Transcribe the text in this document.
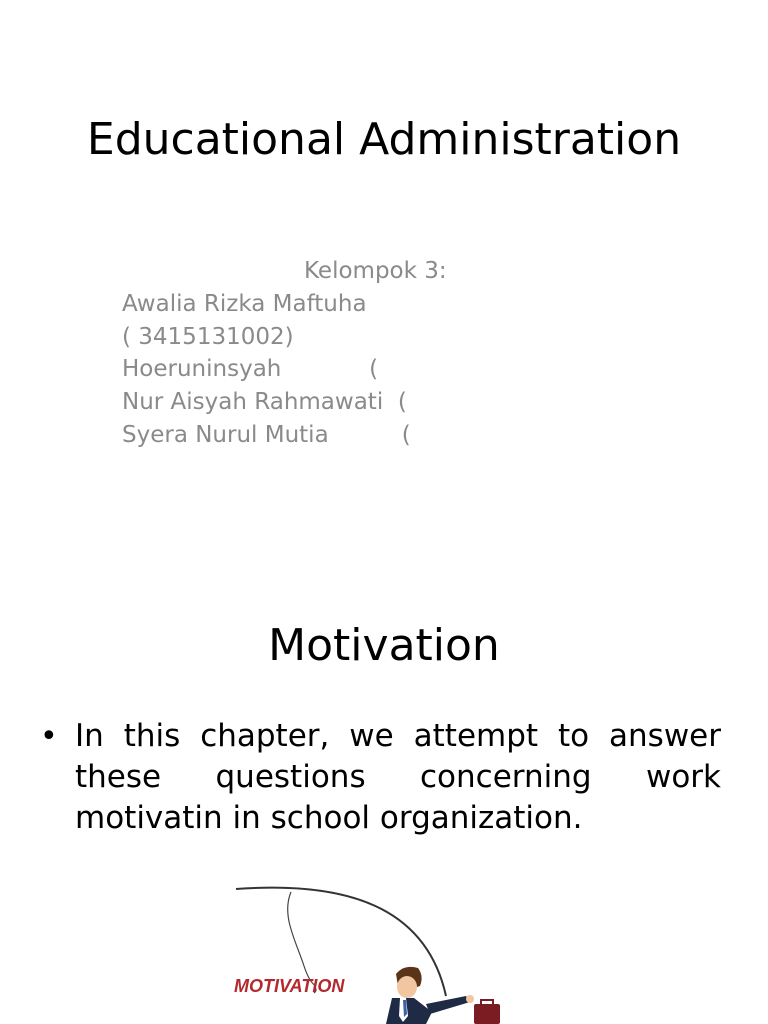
Educational Administration
Kelompok 3:
Awalia Rizka Maftuha
( 3415131002)
Hoeruninsyah            (
Nur Aisyah Rahmawati  (
Syera Nurul Mutia          (
Motivation
• In this chapter, we attempt to answer these questions concerning work motivatin in school organization.
MOTIVATION
